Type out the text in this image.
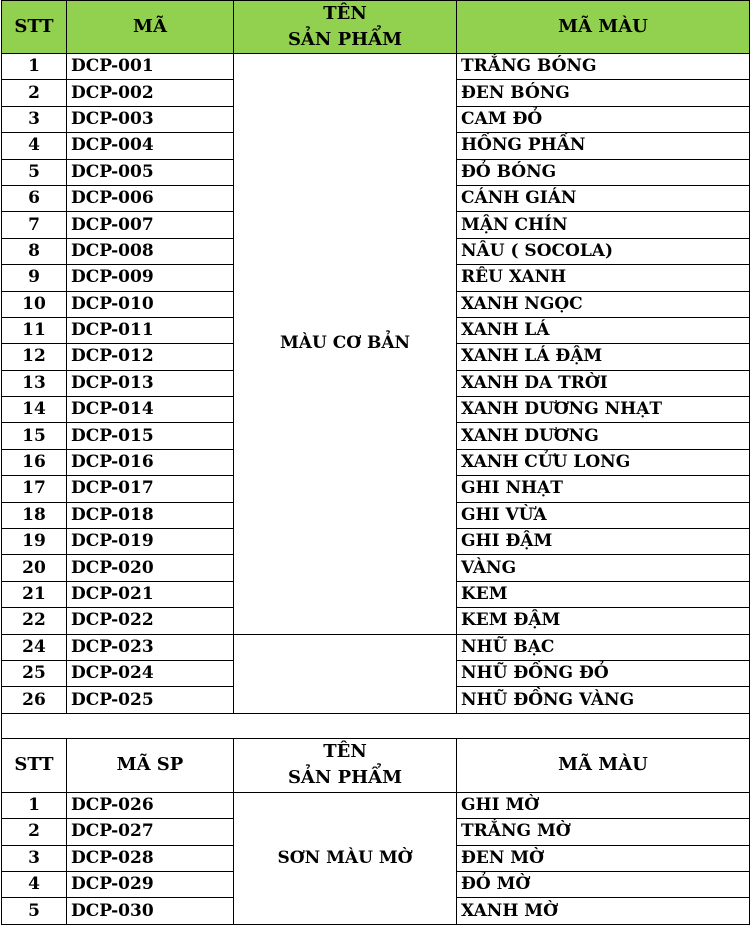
STT	MÃ	TÊN
SẢN PHẨM	MÃ MÀU
1	DCP-001	MÀU CƠ BẢN	TRẮNG BÓNG
2	DCP-002		ĐEN BÓNG
3	DCP-003		CAM ĐỎ
4	DCP-004		HỒNG PHẤN
5	DCP-005		ĐỎ BÓNG
6	DCP-006		CÁNH GIÁN
7	DCP-007		MẬN CHÍN
8	DCP-008		NÂU ( SOCOLA)
9	DCP-009		RÊU XANH
10	DCP-010		XANH NGỌC
11	DCP-011		XANH LÁ
12	DCP-012		XANH LÁ ĐẬM
13	DCP-013		XANH DA TRỜI
14	DCP-014		XANH DƯƠNG NHẠT
15	DCP-015		XANH DƯƠNG
16	DCP-016		XANH CỬU LONG
17	DCP-017		GHI NHẠT
18	DCP-018		GHI VỪA
19	DCP-019		GHI ĐẬM
20	DCP-020		VÀNG
21	DCP-021		KEM
22	DCP-022		KEM ĐẬM
24	DCP-023		NHŨ BẠC
25	DCP-024		NHŨ ĐỒNG ĐỎ
26	DCP-025		NHŨ ĐỒNG VÀNG

STT	MÃ SP	TÊN
SẢN PHẨM	MÃ MÀU
1	DCP-026	SƠN MÀU MỜ	GHI MỜ
2	DCP-027		TRẮNG MỜ
3	DCP-028		ĐEN MỜ
4	DCP-029		ĐỎ MỜ
5	DCP-030		XANH MỜ
